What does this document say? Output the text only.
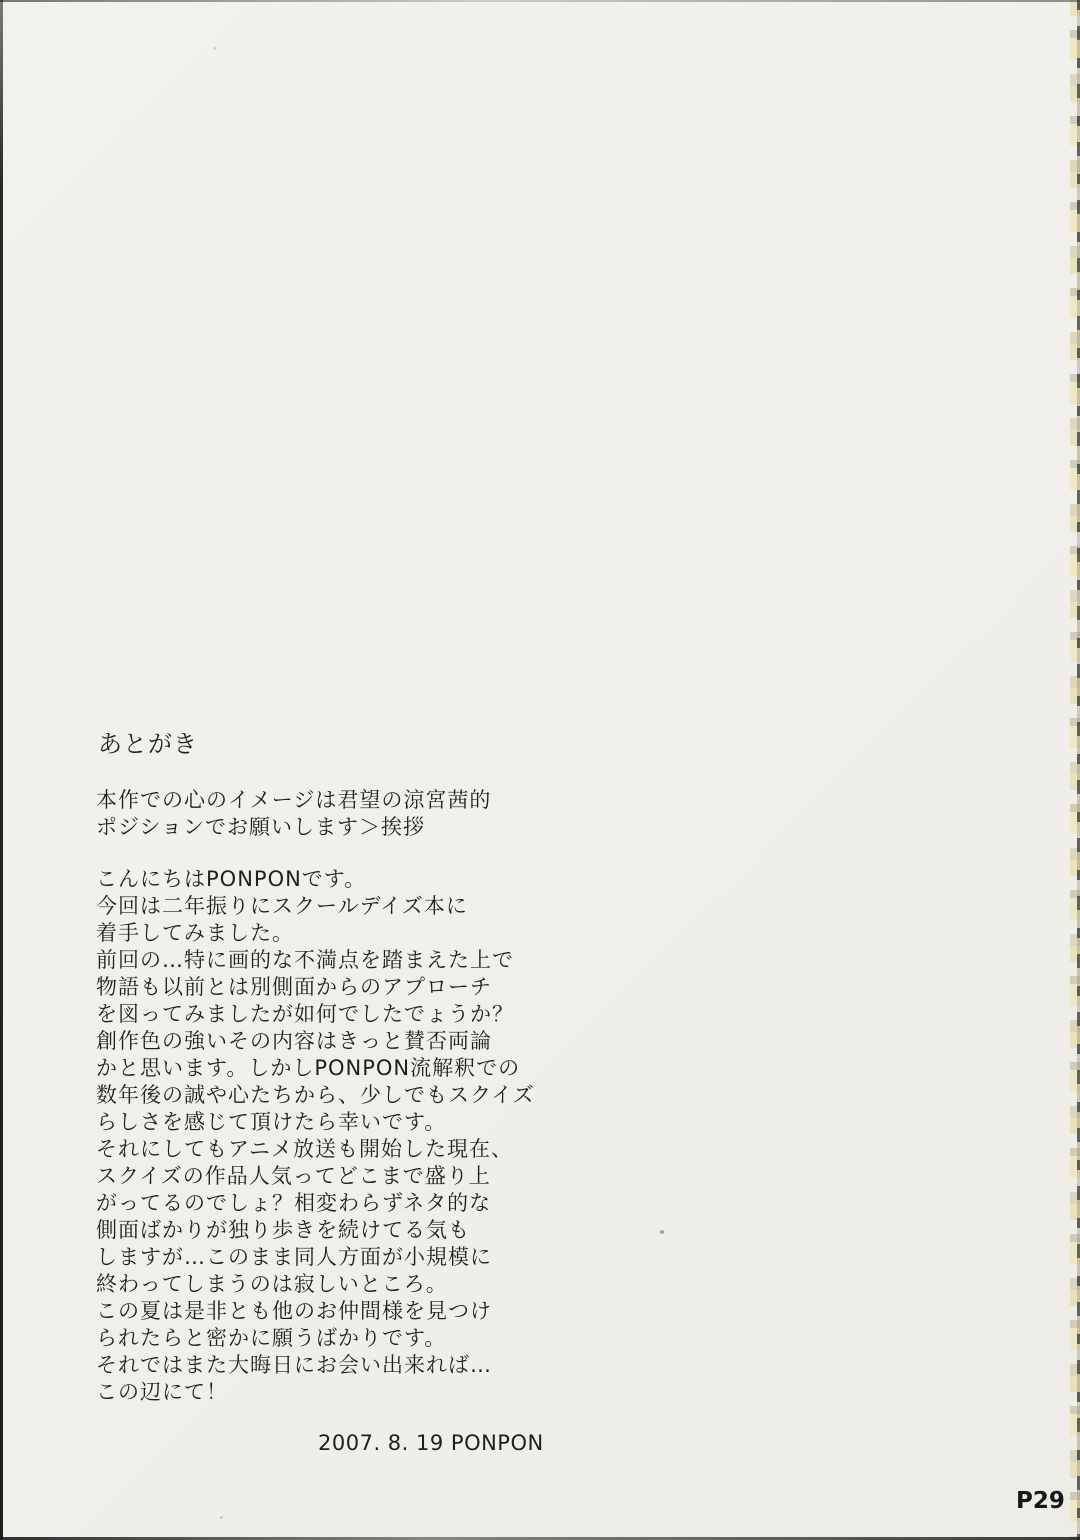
あとがき
本作での心のイメージは君望の涼宮茜的
ポジションでお願いします＞挨拶
こんにちはPONPONです。
今回は二年振りにスクールデイズ本に
着手してみました。
前回の…特に画的な不満点を踏まえた上で
物語も以前とは別側面からのアプローチ
を図ってみましたが如何でしたでょうか？
創作色の強いその内容はきっと賛否両論
かと思います。しかしPONPON流解釈での
数年後の誠や心たちから、少しでもスクイズ
らしさを感じて頂けたら幸いです。
それにしてもアニメ放送も開始した現在、
スクイズの作品人気ってどこまで盛り上
がってるのでしょ？相変わらずネタ的な
側面ばかりが独り歩きを続けてる気も
しますが…このまま同人方面が小規模に
終わってしまうのは寂しいところ。
この夏は是非とも他のお仲間様を見つけ
られたらと密かに願うばかりです。
それではまた大晦日にお会い出来れば…
この辺にて！
2007. 8. 19 PONPON
P29
